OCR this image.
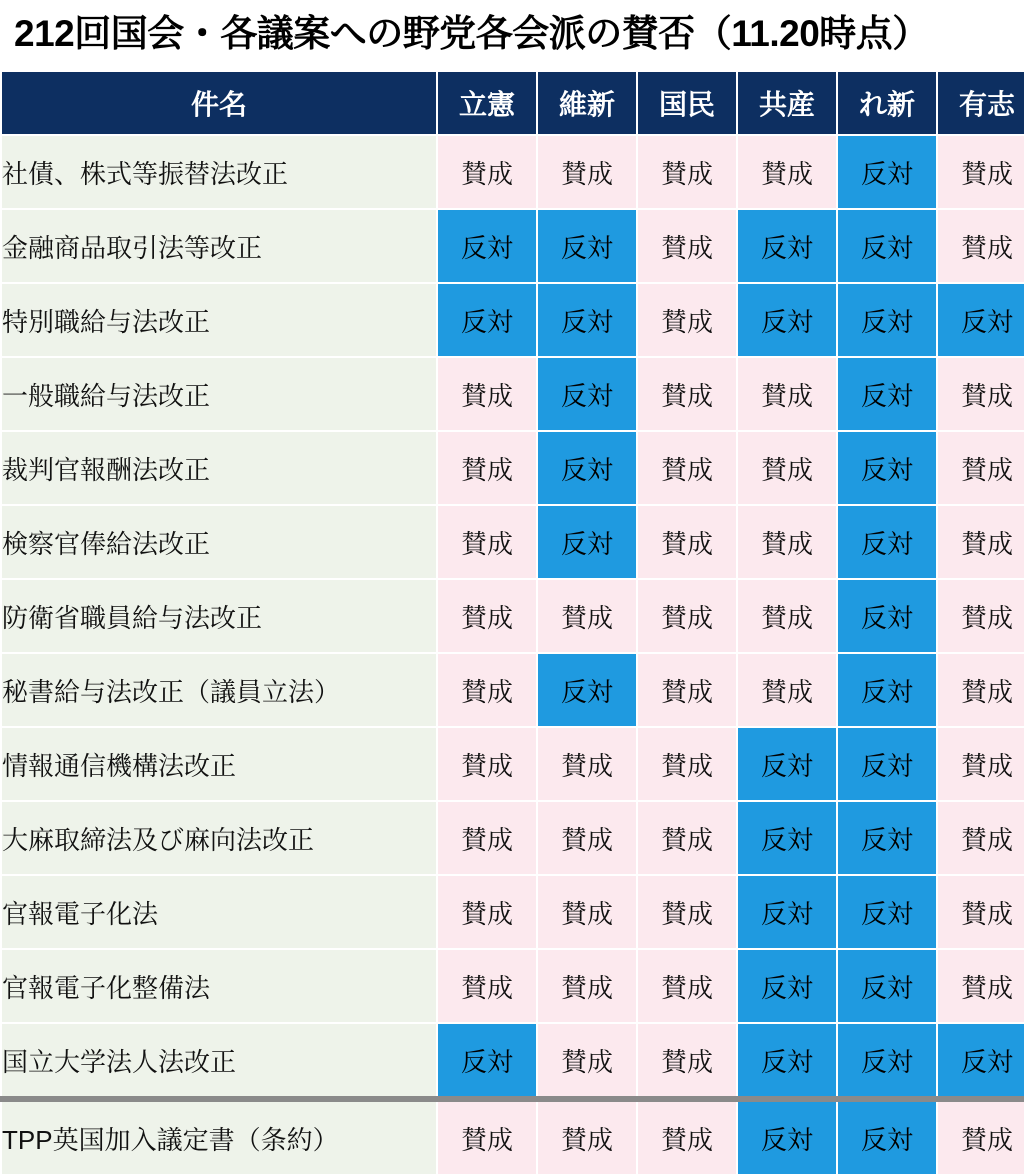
212回国会・各議案への野党各会派の賛否（11.20時点）
件名	立憲	維新	国民	共産	れ新	有志
社債、株式等振替法改正	賛成	賛成	賛成	賛成	反対	賛成
金融商品取引法等改正	反対	反対	賛成	反対	反対	賛成
特別職給与法改正	反対	反対	賛成	反対	反対	反対
一般職給与法改正	賛成	反対	賛成	賛成	反対	賛成
裁判官報酬法改正	賛成	反対	賛成	賛成	反対	賛成
検察官俸給法改正	賛成	反対	賛成	賛成	反対	賛成
防衛省職員給与法改正	賛成	賛成	賛成	賛成	反対	賛成
秘書給与法改正（議員立法）	賛成	反対	賛成	賛成	反対	賛成
情報通信機構法改正	賛成	賛成	賛成	反対	反対	賛成
大麻取締法及び麻向法改正	賛成	賛成	賛成	反対	反対	賛成
官報電子化法	賛成	賛成	賛成	反対	反対	賛成
官報電子化整備法	賛成	賛成	賛成	反対	反対	賛成
国立大学法人法改正	反対	賛成	賛成	反対	反対	反対
TPP英国加入議定書（条約）	賛成	賛成	賛成	反対	反対	賛成
